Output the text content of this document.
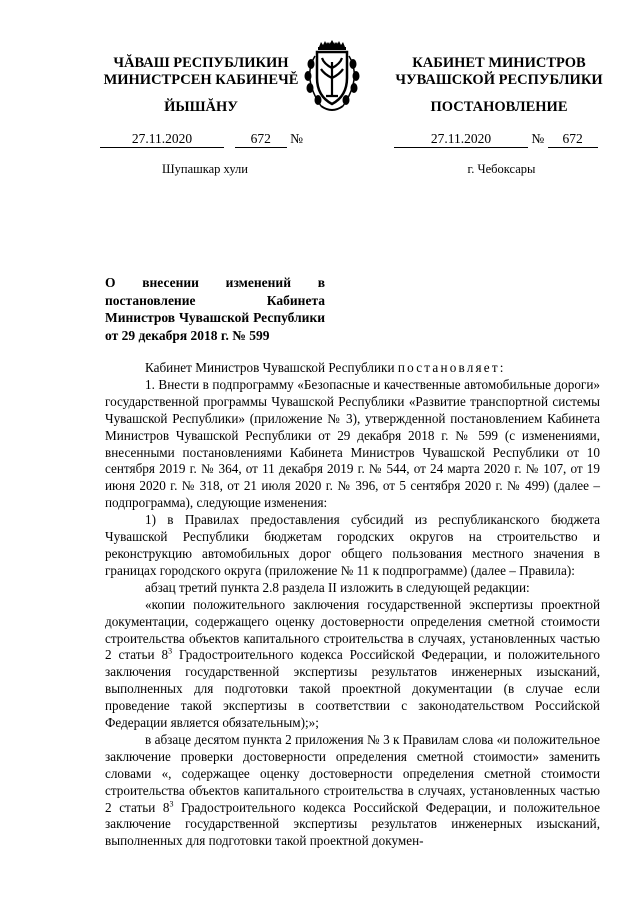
ЧĂВАШ РЕСПУБЛИКИН
МИНИСТРСЕН КАБИНЕЧĔ
ЙЫШĂНУ
КАБИНЕТ МИНИСТРОВ
ЧУВАШСКОЙ РЕСПУБЛИКИ
ПОСТАНОВЛЕНИЕ
27.11.2020	672 №	27.11.2020	№ 672
Шупашкар хули	г. Чебоксары
О внесении изменений в постановление Кабинета Министров Чувашской Республики от 29 декабря 2018 г. № 599

Кабинет Министров Чувашской Республики постановляет:

1. Внести в подпрограмму «Безопасные и качественные автомобильные дороги» государственной программы Чувашской Республики «Развитие транспортной системы Чувашской Республики» (приложение № 3), утвержденной постановлением Кабинета Министров Чувашской Республики от 29 декабря 2018 г. № 599 (с изменениями, внесенными постановлениями Кабинета Министров Чувашской Республики от 10 сентября 2019 г. № 364, от 11 декабря 2019 г. № 544, от 24 марта 2020 г. № 107, от 19 июня 2020 г. № 318, от 21 июля 2020 г. № 396, от 5 сентября 2020 г. № 499) (далее – подпрограмма), следующие изменения:

1) в Правилах предоставления субсидий из республиканского бюджета Чувашской Республики бюджетам городских округов на строительство и реконструкцию автомобильных дорог общего пользования местного значения в границах городского округа (приложение № 11 к подпрограмме) (далее – Правила):

абзац третий пункта 2.8 раздела II изложить в следующей редакции:

«копии положительного заключения государственной экспертизы проектной документации, содержащего оценку достоверности определения сметной стоимости строительства объектов капитального строительства в случаях, установленных частью 2 статьи $8^3$ Градостроительного кодекса Российской Федерации, и положительного заключения государственной экспертизы результатов инженерных изысканий, выполненных для подготовки такой проектной документации (в случае если проведение такой экспертизы в соответствии с законодательством Российской Федерации является обязательным);»;

в абзаце десятом пункта 2 приложения № 3 к Правилам слова «и положительное заключение проверки достоверности определения сметной стоимости» заменить словами «, содержащее оценку достоверности определения сметной стоимости строительства объектов капитального строительства в случаях, установленных частью 2 статьи $8^3$ Градостроительного кодекса Российской Федерации, и положительное заключение государственной экспертизы результатов инженерных изысканий, выполненных для подготовки такой проектной докумен-
